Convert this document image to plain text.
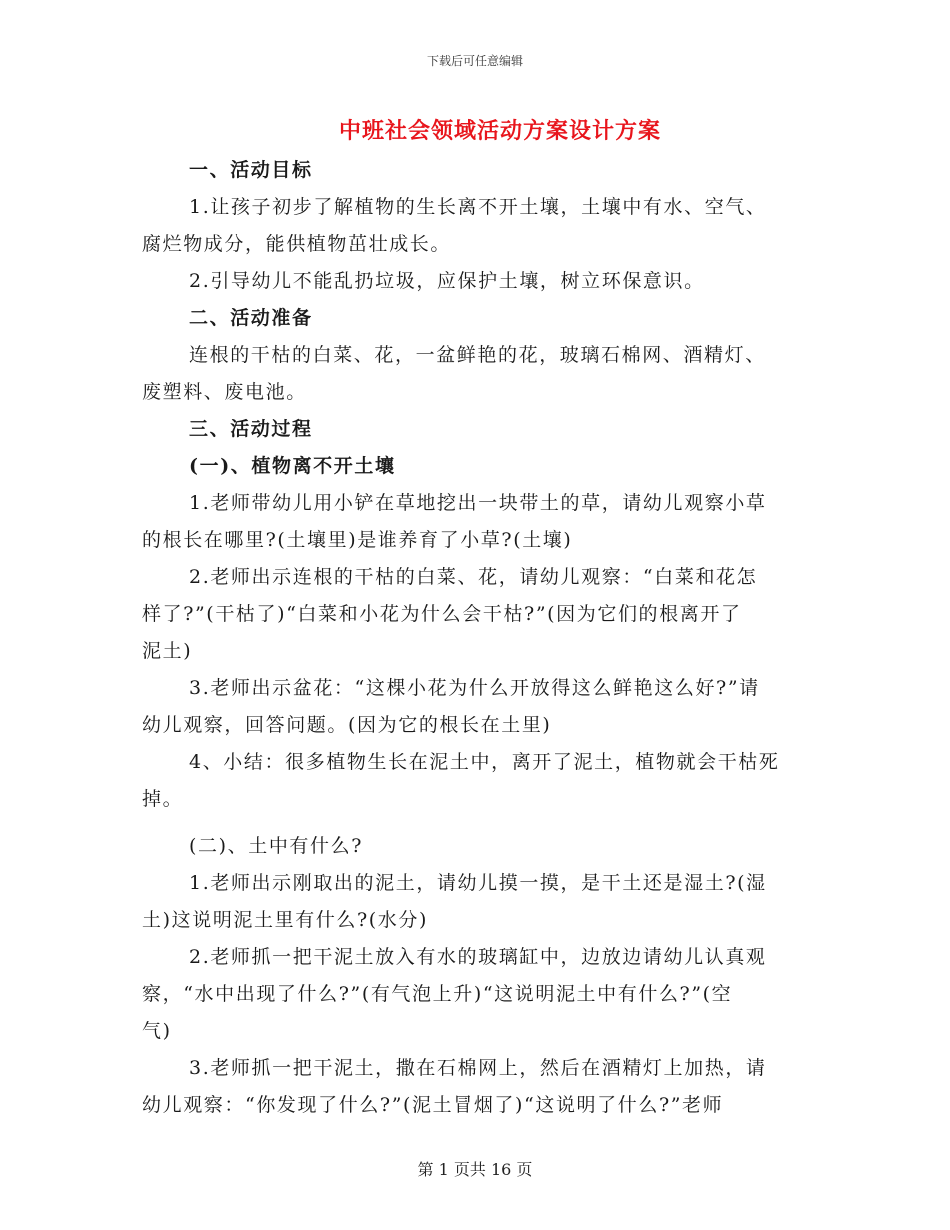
下载后可任意编辑
中班社会领域活动方案设计方案
一、活动目标
1.让孩子初步了解植物的生长离不开土壤，土壤中有水、空气、
腐烂物成分，能供植物茁壮成长。
2.引导幼儿不能乱扔垃圾，应保护土壤，树立环保意识。
二、活动准备
连根的干枯的白菜、花，一盆鲜艳的花，玻璃石棉网、酒精灯、
废塑料、废电池。
三、活动过程
(一)、植物离不开土壤
1.老师带幼儿用小铲在草地挖出一块带土的草，请幼儿观察小草
的根长在哪里?(土壤里)是谁养育了小草?(土壤)
2.老师出示连根的干枯的白菜、花，请幼儿观察：“白菜和花怎
样了?”(干枯了)“白菜和小花为什么会干枯?”(因为它们的根离开了
泥土)
3.老师出示盆花：“这棵小花为什么开放得这么鲜艳这么好?”请
幼儿观察，回答问题。(因为它的根长在土里)
4、小结：很多植物生长在泥土中，离开了泥土，植物就会干枯死
掉。
(二)、土中有什么?
1.老师出示刚取出的泥土，请幼儿摸一摸，是干土还是湿土?(湿
土)这说明泥土里有什么?(水分)
2.老师抓一把干泥土放入有水的玻璃缸中，边放边请幼儿认真观
察，“水中出现了什么?”(有气泡上升)“这说明泥土中有什么?”(空
气)
3.老师抓一把干泥土，撒在石棉网上，然后在酒精灯上加热，请
幼儿观察：“你发现了什么?”(泥土冒烟了)“这说明了什么?”老师
第 1 页共 16 页
